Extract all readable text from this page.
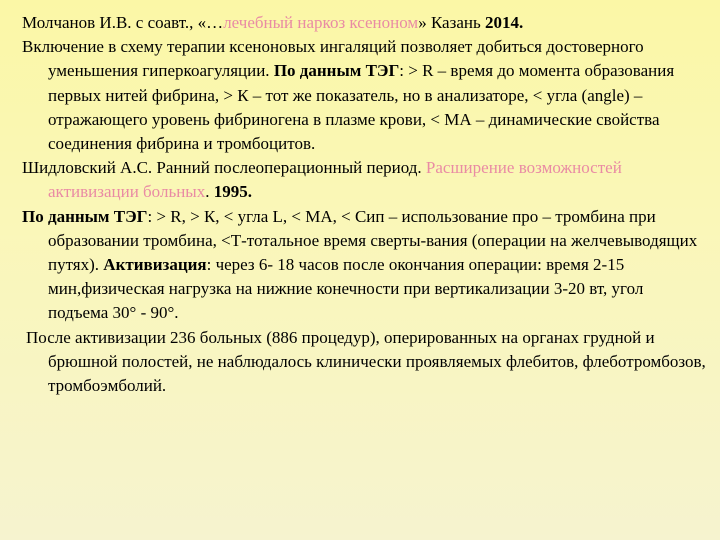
Молчанов И.В. с соавт., «…лечебный наркоз ксеноном» Казань 2014.

Включение в схему терапии ксеноновых ингаляций позволяет добиться достоверного уменьшения гиперкоагуляции. По данным ТЭГ: > R – время до момента образования первых нитей фибрина, > К – тот же показатель, но в анализаторе, < угла (angle) – отражающего уровень фибриногена в плазме крови, < МА – динамические свойства соединения фибрина и тромбоцитов.

Шидловский А.С. Ранний послеоперационный период. Расширение возможностей активизации больных. 1995.

По данным ТЭГ: > R, > К, < угла L, < МА, < Сип – использование про – тромбина при образовании тромбина, <Т-тотальное время сверты-вания (операции на желчевыводящих путях). Активизация: через 6- 18 часов после окончания операции: время 2-15 мин,физическая нагрузка на нижние конечности при вертикализации 3-20 вт, угол подъема 30° - 90°.

После активизации 236 больных (886 процедур), оперированных на органах грудной и брюшной полостей, не наблюдалось клинически проявляемых флебитов, флеботромбозов, тромбоэмболий.
